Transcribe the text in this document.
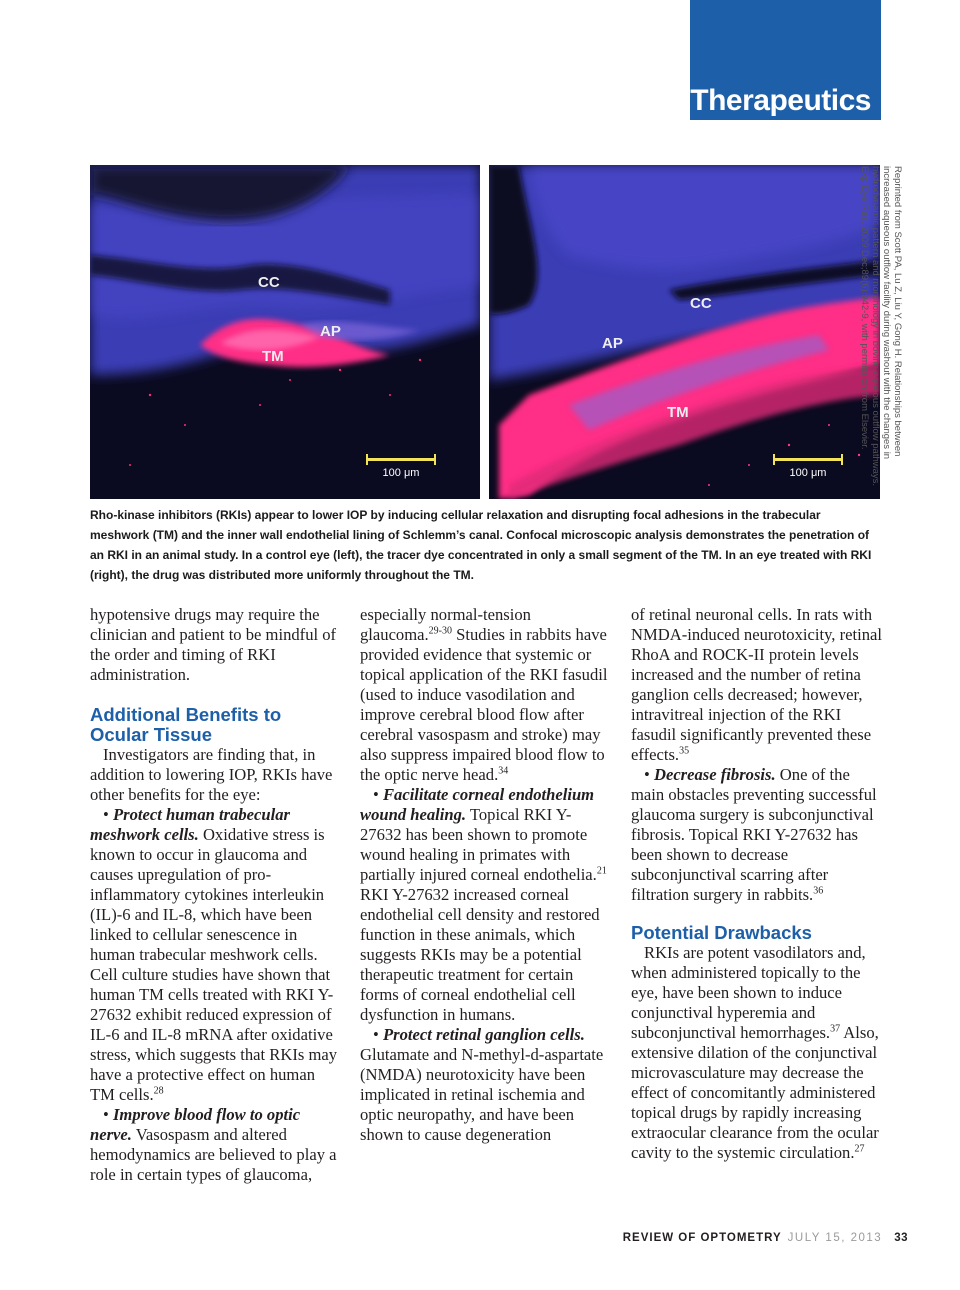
Therapeutics
CC
AP
TM
100 μm
CC
AP
TM
100 μm
Reprinted from Scott PA, Lu Z, Liu Y, Gong H. Relationships between increased aqueous outflow facility during washout with the changes in hydrodynamic pattern and morphology in bovine aqueous outflow pathways. Exp Eye Res. 2009 Dec;89(6):942-9, with permission from Elsevier.
Rho-kinase inhibitors (RKIs) appear to lower IOP by inducing cellular relaxation and disrupting focal adhesions in the trabecular meshwork (TM) and the inner wall endothelial lining of Schlemm’s canal. Confocal microscopic analysis demonstrates the penetration of an RKI in an animal study. In a control eye (left), the tracer dye concentrated in only a small segment of the TM. In an eye treated with RKI (right), the drug was distributed more uniformly throughout the TM.

hypotensive drugs may require the clinician and patient to be mindful of the order and timing of RKI administration.

Additional Benefits to Ocular Tissue

Investigators are finding that, in addition to lowering IOP, RKIs have other benefits for the eye:

• Protect human trabecular meshwork cells. Oxidative stress is known to occur in glaucoma and causes upregulation of pro-inflammatory cytokines interleukin (IL)-6 and IL-8, which have been linked to cellular senescence in human trabecular meshwork cells. Cell culture studies have shown that human TM cells treated with RKI Y-27632 exhibit reduced expression of IL-6 and IL-8 mRNA after oxidative stress, which suggests that RKIs may have a protective effect on human TM cells.$^{28}$

• Improve blood flow to optic nerve. Vasospasm and altered hemodynamics are believed to play a role in certain types of glaucoma,

especially normal-tension glaucoma.$^{29-30}$ Studies in rabbits have provided evidence that systemic or topical application of the RKI fasudil (used to induce vasodilation and improve cerebral blood flow after cerebral vasospasm and stroke) may also suppress impaired blood flow to the optic nerve head.$^{34}$

• Facilitate corneal endothelium wound healing. Topical RKI Y-27632 has been shown to promote wound healing in primates with partially injured corneal endothelia.$^{21}$ RKI Y-27632 increased corneal endothelial cell density and restored function in these animals, which suggests RKIs may be a potential therapeutic treatment for certain forms of corneal endothelial cell dysfunction in humans.

• Protect retinal ganglion cells. Glutamate and N-methyl-d-aspartate (NMDA) neurotoxicity have been implicated in retinal ischemia and optic neuropathy, and have been shown to cause degeneration

of retinal neuronal cells. In rats with NMDA-induced neurotoxicity, retinal RhoA and ROCK-II protein levels increased and the number of retina ganglion cells decreased; however, intravitreal injection of the RKI fasudil significantly prevented these effects.$^{35}$

• Decrease fibrosis. One of the main obstacles preventing successful glaucoma surgery is subconjunctival fibrosis. Topical RKI Y-27632 has been shown to decrease subconjunctival scarring after filtration surgery in rabbits.$^{36}$

Potential Drawbacks

RKIs are potent vasodilators and, when administered topically to the eye, have been shown to induce conjunctival hyperemia and subconjunctival hemorrhages.$^{37}$ Also, extensive dilation of the conjunctival microvasculature may decrease the effect of concomitantly administered topical drugs by rapidly increasing extraocular clearance from the ocular cavity to the systemic circulation.$^{27}$

REVIEW OF OPTOMETRY JULY 15, 2013 33
